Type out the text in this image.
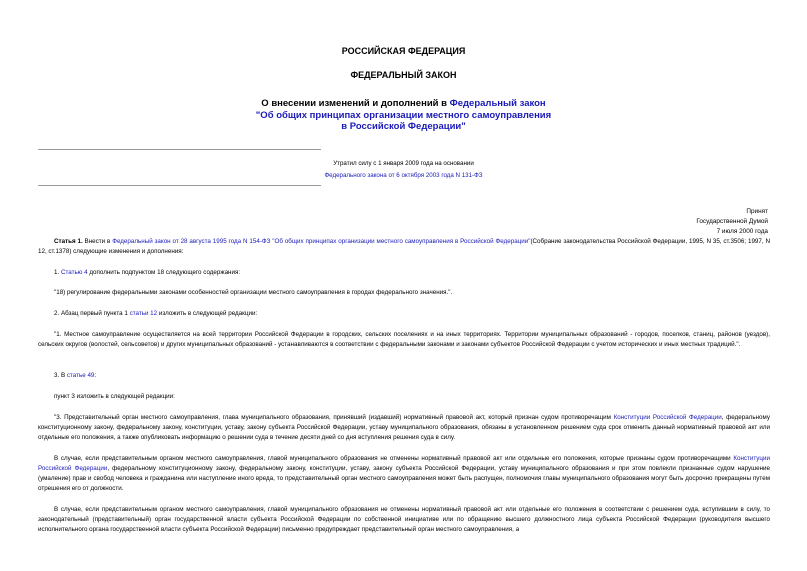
РОССИЙСКАЯ ФЕДЕРАЦИЯ
ФЕДЕРАЛЬНЫЙ ЗАКОН
О внесении изменений и дополнений в Федеральный закон
"Об общих принципах организации местного самоуправления
в Российской Федерации"
Утратил силу с 1 января 2009 года на основании
Федерального закона от 6 октября 2003 года N 131-ФЗ
Принят
Государственной Думой
7 июля 2000 года
Статья 1. Внести в Федеральный закон от 28 августа 1995 года N 154-ФЗ "Об общих принципах организации местного самоуправления в Российской Федерации"(Собрание законодательства Российской Федерации, 1995, N 35, ст.3506; 1997, N 12, ст.1378) следующие изменения и дополнения:
1. Статью 4 дополнить подпунктом 18 следующего содержания:
"18) регулирование федеральными законами особенностей организации местного самоуправления в городах федерального значения.".
2. Абзац первый пункта 1 статьи 12 изложить в следующей редакции:
"1. Местное самоуправление осуществляется на всей территории Российской Федерации в городских, сельских поселениях и на иных территориях. Территории муниципальных образований - городов, поселков, станиц, районов (уездов), сельских округов (волостей, сельсоветов) и других муниципальных образований - устанавливаются в соответствии с федеральными законами и законами субъектов Российской Федерации с учетом исторических и иных местных традиций.".
3. В статье 49:
пункт 3 изложить в следующей редакции:
"3. Представительный орган местного самоуправления, глава муниципального образования, принявший (издавший) нормативный правовой акт, который признан судом противоречащим Конституции Российской Федерации, федеральному конституционному закону, федеральному закону, конституции, уставу, закону субъекта Российской Федерации, уставу муниципального образования, обязаны в установленном решением суда срок отменить данный нормативный правовой акт или отдельные его положения, а также опубликовать информацию о решении суда в течение десяти дней со дня вступления решения суда в силу.
В случае, если представительным органом местного самоуправления, главой муниципального образования не отменены нормативный правовой акт или отдельные его положения, которые признаны судом противоречащими Конституции Российской Федерации, федеральному конституционному закону, федеральному закону, конституции, уставу, закону субъекта Российской Федерации, уставу муниципального образования и при этом повлекли признанные судом нарушение (умаление) прав и свобод человека и гражданина или наступление иного вреда, то представительный орган местного самоуправления может быть распущен, полномочия главы муниципального образования могут быть досрочно прекращены путем отрешения его от должности.
В случае, если представительным органом местного самоуправления, главой муниципального образования не отменены нормативный правовой акт или отдельные его положения в соответствии с решением суда, вступившим в силу, то законодательный (представительный) орган государственной власти субъекта Российской Федерации по собственной инициативе или по обращению высшего должностного лица субъекта Российской Федерации (руководителя высшего исполнительного органа государственной власти субъекта Российской Федерации) письменно предупреждает представительный орган местного самоуправления, а
